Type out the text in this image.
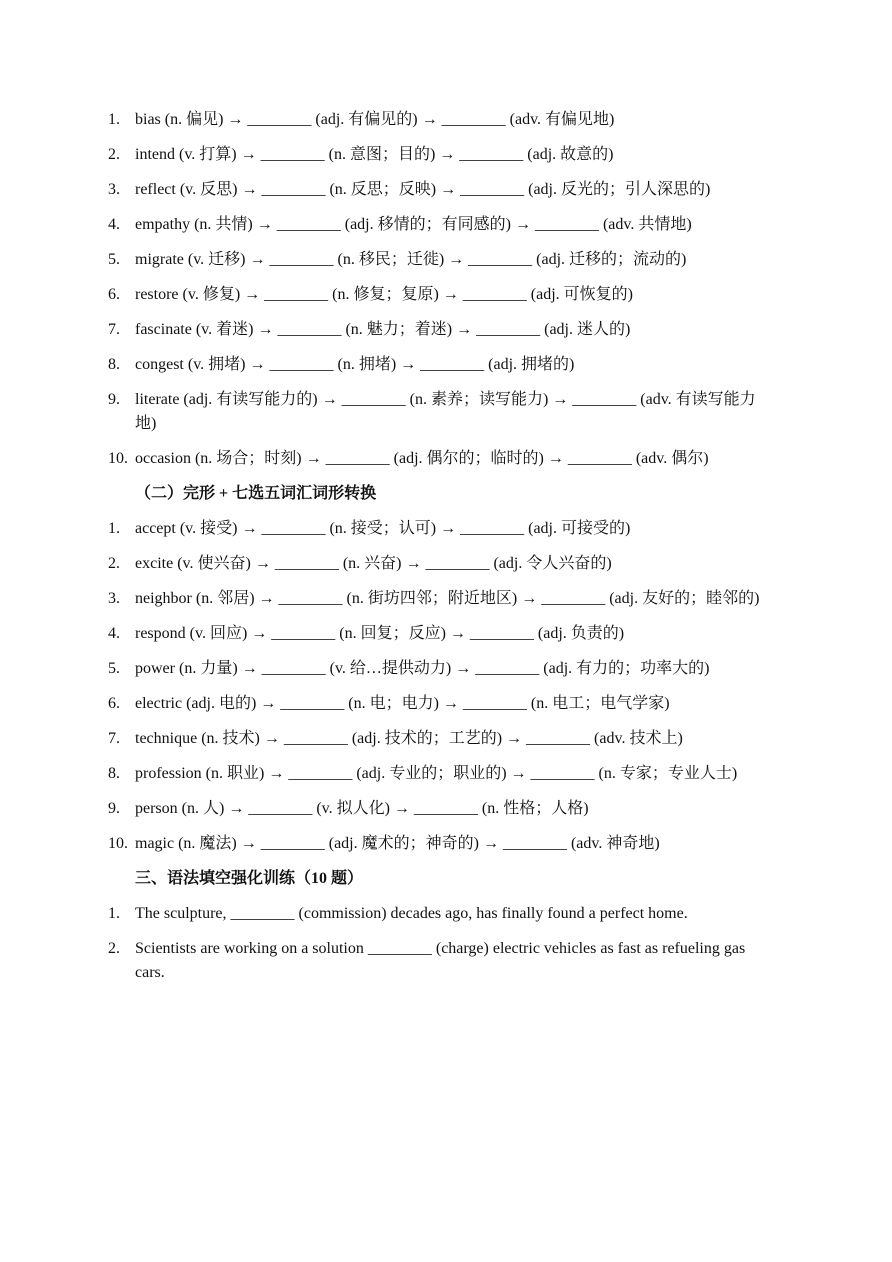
1. bias (n. 偏见) → ________ (adj. 有偏见的) → ________ (adv. 有偏见地)
2. intend (v. 打算) → ________ (n. 意图；目的) → ________ (adj. 故意的)
3. reflect (v. 反思) → ________ (n. 反思；反映) → ________ (adj. 反光的；引人深思的)
4. empathy (n. 共情) → ________ (adj. 移情的；有同感的) → ________ (adv. 共情地)
5. migrate (v. 迁移) → ________ (n. 移民；迁徙) → ________ (adj. 迁移的；流动的)
6. restore (v. 修复) → ________ (n. 修复；复原) → ________ (adj. 可恢复的)
7. fascinate (v. 着迷) → ________ (n. 魅力；着迷) → ________ (adj. 迷人的)
8. congest (v. 拥堵) → ________ (n. 拥堵) → ________ (adj. 拥堵的)
9. literate (adj. 有读写能力的) → ________ (n. 素养；读写能力) → ________ (adv. 有读写能力地)
10. occasion (n. 场合；时刻) → ________ (adj. 偶尔的；临时的) → ________ (adv. 偶尔)
（二）完形 + 七选五词汇词形转换
1. accept (v. 接受) → ________ (n. 接受；认可) → ________ (adj. 可接受的)
2. excite (v. 使兴奋) → ________ (n. 兴奋) → ________ (adj. 令人兴奋的)
3. neighbor (n. 邻居) → ________ (n. 街坊四邻；附近地区) → ________ (adj. 友好的；睦邻的)
4. respond (v. 回应) → ________ (n. 回复；反应) → ________ (adj. 负责的)
5. power (n. 力量) → ________ (v. 给…提供动力) → ________ (adj. 有力的；功率大的)
6. electric (adj. 电的) → ________ (n. 电；电力) → ________ (n. 电工；电气学家)
7. technique (n. 技术) → ________ (adj. 技术的；工艺的) → ________ (adv. 技术上)
8. profession (n. 职业) → ________ (adj. 专业的；职业的) → ________ (n. 专家；专业人士)
9. person (n. 人) → ________ (v. 拟人化) → ________ (n. 性格；人格)
10. magic (n. 魔法) → ________ (adj. 魔术的；神奇的) → ________ (adv. 神奇地)
三、语法填空强化训练（10 题）
1. The sculpture, ________ (commission) decades ago, has finally found a perfect home.
2. Scientists are working on a solution ________ (charge) electric vehicles as fast as refueling gas cars.
